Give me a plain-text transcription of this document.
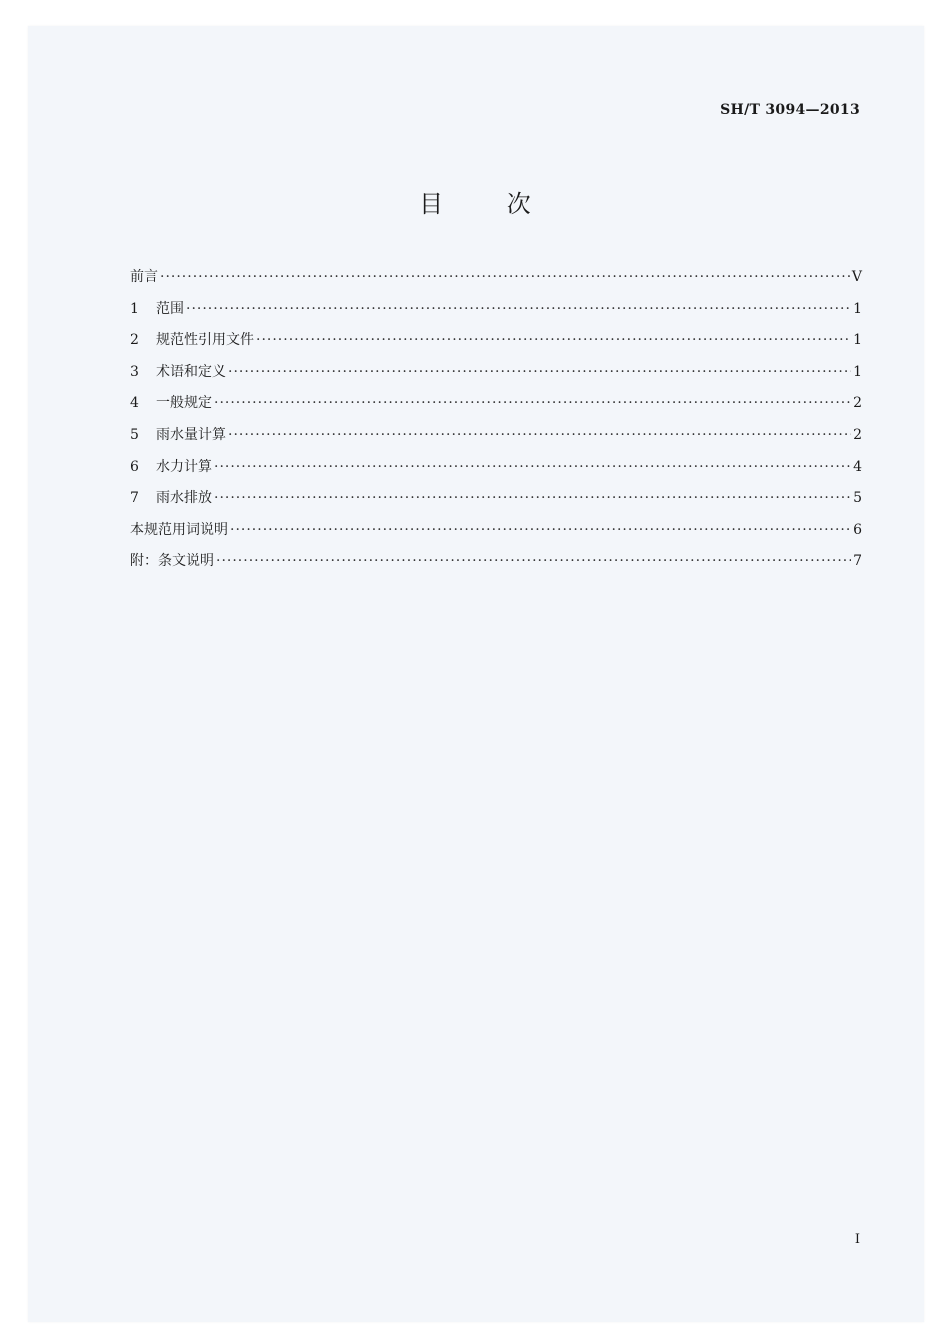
SH/T 3094—2013
目 次
前言 ·····	V
1	范围 ·····	1
2	规范性引用文件 ·····	1
3	术语和定义 ·····	1
4	一般规定 ·····	2
5	雨水量计算 ·····	2
6	水力计算 ·····	4
7	雨水排放 ·····	5
本规范用词说明 ·····	6
附：条文说明 ·····	7
I
